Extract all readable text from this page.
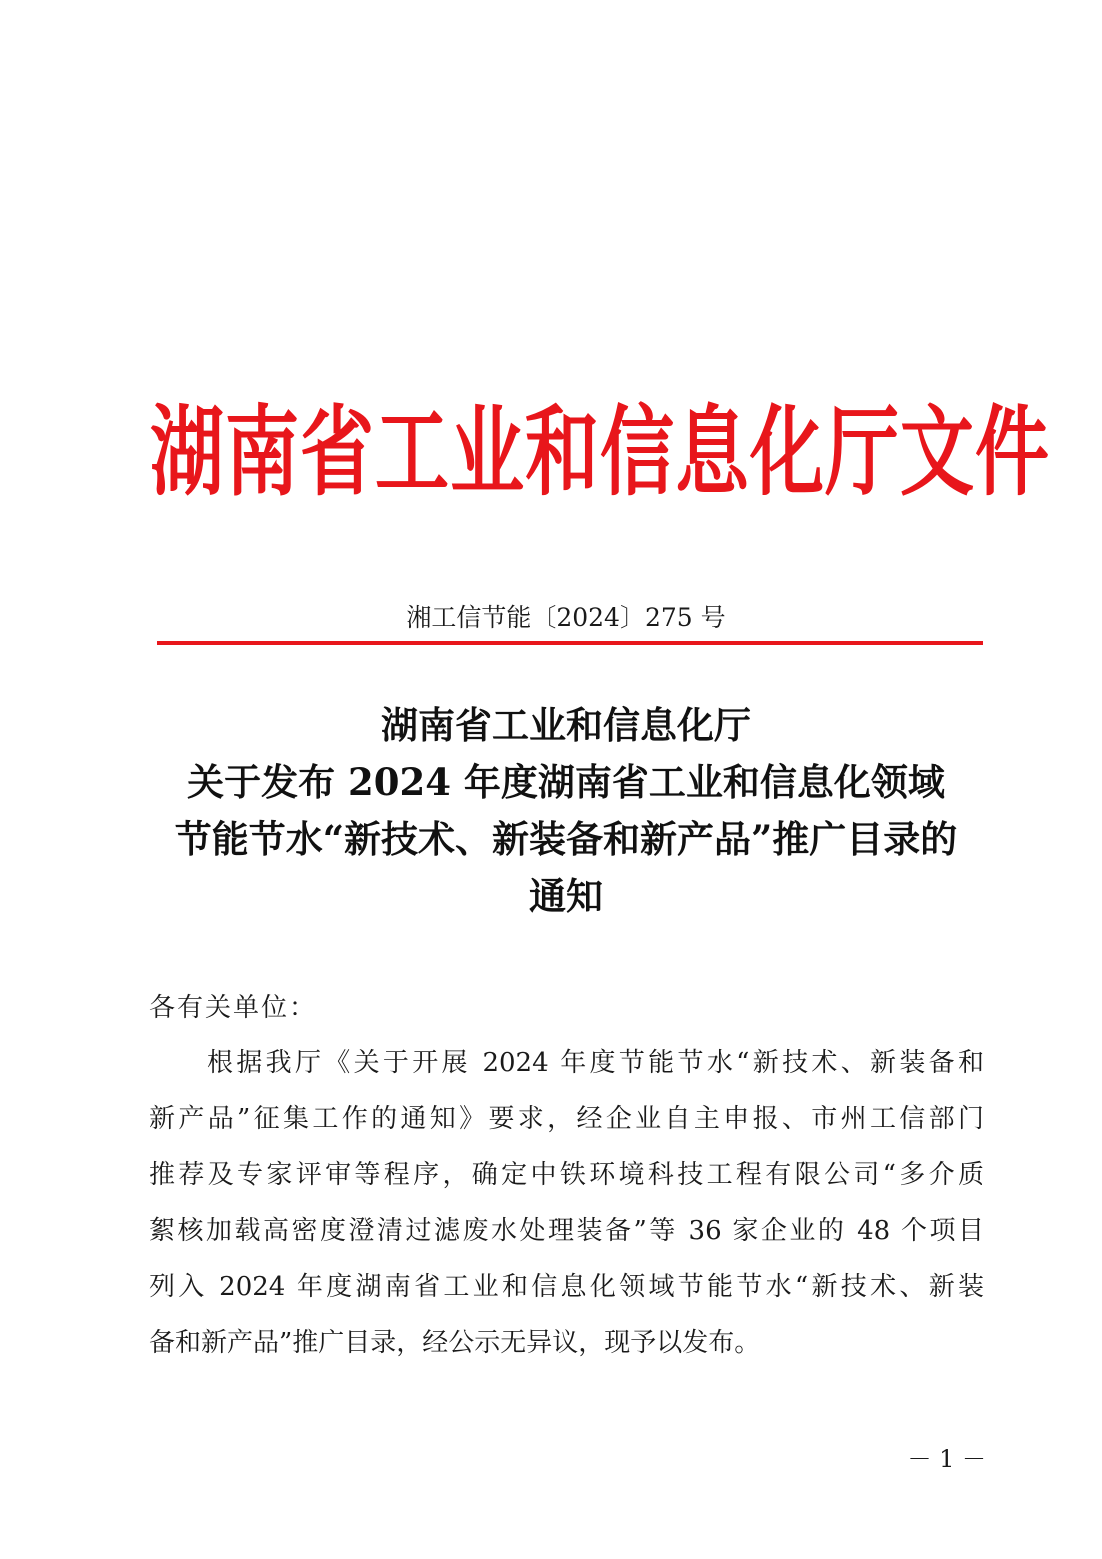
湖南省工业和信息化厅文件
湘工信节能〔2024〕275 号
湖南省工业和信息化厅
关于发布 2024 年度湖南省工业和信息化领域
节能节水“新技术、新装备和新产品”推广目录的
通知
各有关单位：
根据我厅《关于开展 2024 年度节能节水“新技术、新装备和
新产品”征集工作的通知》要求，经企业自主申报、市州工信部门
推荐及专家评审等程序，确定中铁环境科技工程有限公司“多介质
絮核加载高密度澄清过滤废水处理装备”等 36 家企业的 48 个项目
列入 2024 年度湖南省工业和信息化领域节能节水“新技术、新装
备和新产品”推广目录，经公示无异议，现予以发布。
－ 1 －
